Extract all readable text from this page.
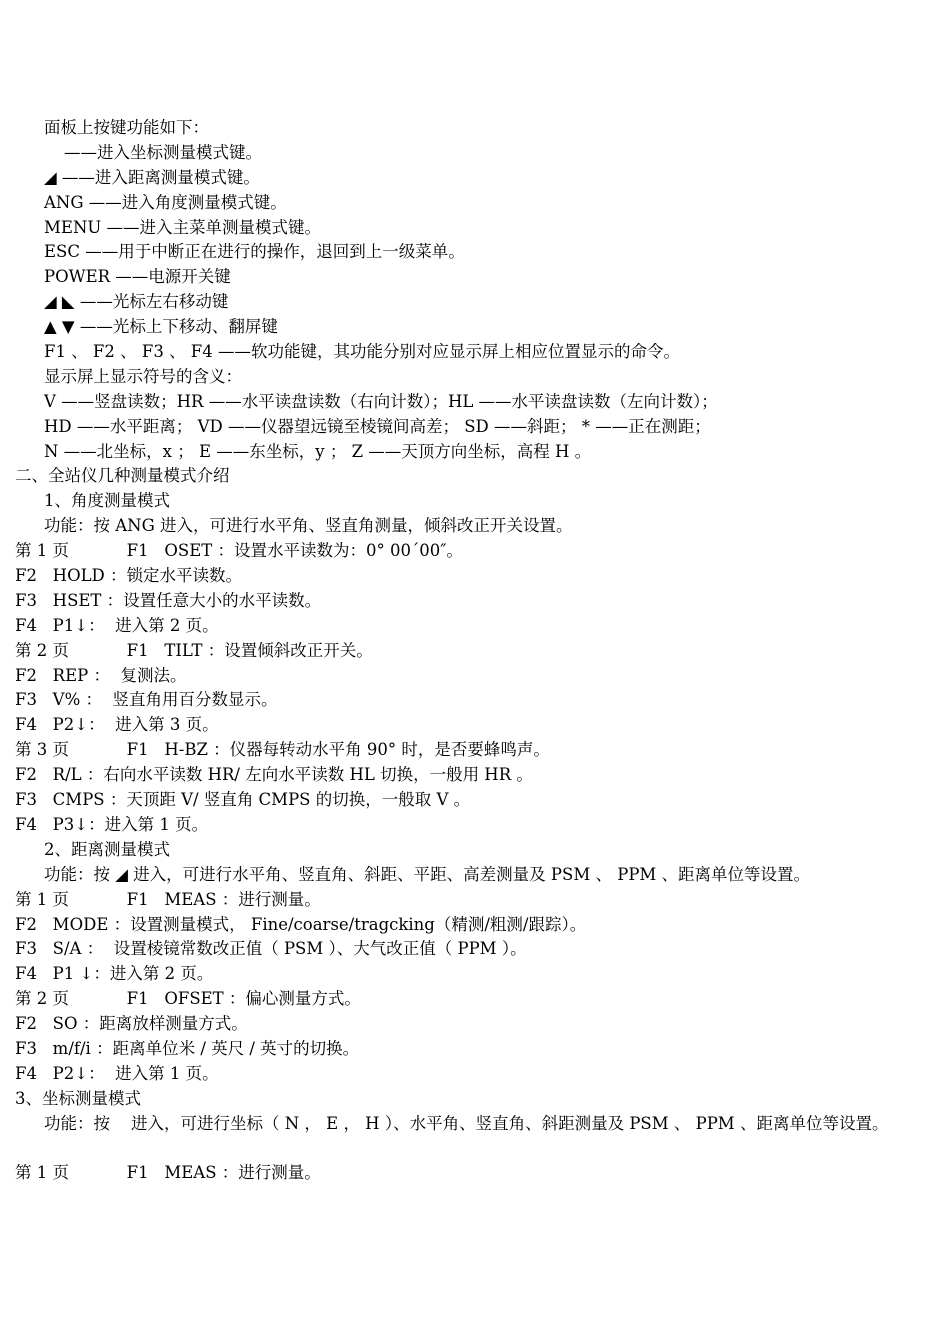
面板上按键功能如下：
——进入坐标测量模式键。
◢ ——进入距离测量模式键。
ANG ——进入角度测量模式键。
MENU ——进入主菜单测量模式键。
ESC ——用于中断正在进行的操作，退回到上一级菜单。
POWER ——电源开关键
◢ ◣ ——光标左右移动键
▲ ▼ ——光标上下移动、翻屏键
F1 、 F2 、 F3 、 F4 ——软功能键，其功能分别对应显示屏上相应位置显示的命令。
显示屏上显示符号的含义：
V ——竖盘读数；HR ——水平读盘读数（右向计数）；HL ——水平读盘读数（左向计数）；
HD ——水平距离； VD ——仪器望远镜至棱镜间高差； SD ——斜距； * ——正在测距；
N ——北坐标，x ； E ——东坐标，y ； Z ——天顶方向坐标，高程 H 。
二、全站仪几种测量模式介绍
1、角度测量模式
功能：按 ANG 进入，可进行水平角、竖直角测量，倾斜改正开关设置。
第 1 页           F1   OSET ：设置水平读数为：0° 00´00″。
F2   HOLD ：锁定水平读数。
F3   HSET ：设置任意大小的水平读数。
F4   P1↓：  进入第 2 页。
第 2 页           F1   TILT ：设置倾斜改正开关。
F2   REP ：  复测法。
F3   V% ：  竖直角用百分数显示。
F4   P2↓：  进入第 3 页。
第 3 页           F1   H-BZ ：仪器每转动水平角 90° 时，是否要蜂鸣声。
F2   R/L ：右向水平读数 HR/ 左向水平读数 HL 切换，一般用 HR 。
F3   CMPS ：天顶距 V/ 竖直角 CMPS 的切换，一般取 V 。
F4   P3↓：进入第 1 页。
2、距离测量模式
功能：按 ◢ 进入，可进行水平角、竖直角、斜距、平距、高差测量及 PSM 、 PPM 、距离单位等设置。
第 1 页           F1   MEAS ：进行测量。
F2   MODE ：设置测量模式， Fine/coarse/tragcking（精测/粗测/跟踪）。
F3   S/A ：  设置棱镜常数改正值（ PSM ）、大气改正值（ PPM ）。
F4   P1 ↓：进入第 2 页。
第 2 页           F1   OFSET ：偏心测量方式。
F2   SO ：距离放样测量方式。
F3   m/f/i ：距离单位米 / 英尺 / 英寸的切换。
F4   P2↓：  进入第 1 页。
3、坐标测量模式
功能：按    进入，可进行坐标（ N ， E ， H ）、水平角、竖直角、斜距测量及 PSM 、 PPM 、距离单位等设置。
第 1 页           F1   MEAS ：进行测量。
